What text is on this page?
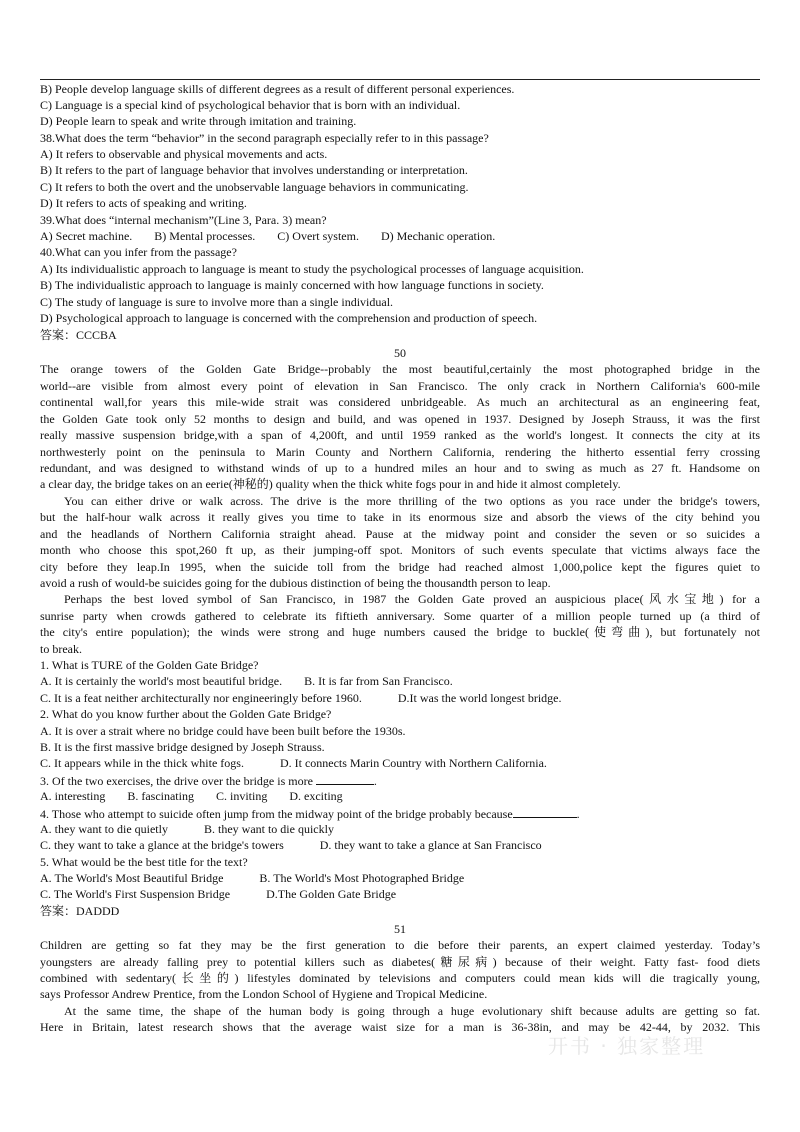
B) People develop language skills of different degrees as a result of different personal experiences.
C) Language is a special kind of psychological behavior that is born with an individual.
D) People learn to speak and write through imitation and training.
38.What does the term “behavior” in the second paragraph especially refer to in this passage?
A) It refers to observable and physical movements and acts.
B) It refers to the part of language behavior that involves understanding or interpretation.
C) It refers to both the overt and the unobservable language behaviors in communicating.
D) It refers to acts of speaking and writing.
39.What does “internal mechanism”(Line 3, Para. 3) mean?
A) Secret machine. B) Mental processes. C) Overt system. D) Mechanic operation.
40.What can you infer from the passage?
A) Its individualistic approach to language is meant to study the psychological processes of language acquisition.
B) The individualistic approach to language is mainly concerned with how language functions in society.
C) The study of language is sure to involve more than a single individual.
D) Psychological approach to language is concerned with the comprehension and production of speech.
答案：CCCBA
50
The orange towers of the Golden Gate Bridge--probably the most beautiful,certainly the most photographed bridge in the
world--are visible from almost every point of elevation in San Francisco. The only crack in Northern California's 600-mile
continental wall,for years this mile-wide strait was considered unbridgeable. As much an architectural as an engineering feat,
the Golden Gate took only 52 months to design and build, and was opened in 1937. Designed by Joseph Strauss, it was the first
really massive suspension bridge,with a span of 4,200ft, and until 1959 ranked as the world's longest. It connects the city at its
northwesterly point on the peninsula to Marin County and Northern California, rendering the hitherto essential ferry crossing
redundant, and was designed to withstand winds of up to a hundred miles an hour and to swing as much as 27 ft. Handsome on
a clear day, the bridge takes on an eerie(神秘的) quality when the thick white fogs pour in and hide it almost completely.
You can either drive or walk across. The drive is the more thrilling of the two options as you race under the bridge's towers,
but the half-hour walk across it really gives you time to take in its enormous size and absorb the views of the city behind you
and the headlands of Northern California straight ahead. Pause at the midway point and consider the seven or so suicides a
month who choose this spot,260 ft up, as their jumping-off spot. Monitors of such events speculate that victims always face the
city before they leap.In 1995, when the suicide toll from the bridge had reached almost 1,000,police kept the figures quiet to
avoid a rush of would-be suicides going for the dubious distinction of being the thousandth person to leap.
Perhaps the best loved symbol of San Francisco, in 1987 the Golden Gate proved an auspicious place(风水宝地) for a
sunrise party when crowds gathered to celebrate its fiftieth anniversary. Some quarter of a million people turned up (a third of
the city's entire population); the winds were strong and huge numbers caused the bridge to buckle(使弯曲), but fortunately not
to break.
1. What is TURE of the Golden Gate Bridge?
A. It is certainly the world's most beautiful bridge. B. It is far from San Francisco.
C. It is a feat neither architecturally nor engineeringly before 1960.	D.It was the world longest bridge.
2. What do you know further about the Golden Gate Bridge?
A. It is over a strait where no bridge could have been built before the 1930s.
B. It is the first massive bridge designed by Joseph Strauss.
C. It appears while in the thick white fogs.	D. It connects Marin Country with Northern California.
3. Of the two exercises, the drive over the bridge is more	.
A. interesting B. fascinating C. inviting D. exciting
4. Those who attempt to suicide often jump from the midway point of the bridge probably because	.
A. they want to die quietly	B. they want to die quickly
C. they want to take a glance at the bridge's towers	D. they want to take a glance at San Francisco
5. What would be the best title for the text?
A. The World's Most Beautiful Bridge	B. The World's Most Photographed Bridge
C. The World's First Suspension Bridge	D.The Golden Gate Bridge
答案：DADDD
51
Children are getting so fat they may be the first generation to die before their parents, an expert claimed yesterday. Today’s
youngsters are already falling prey to potential killers such as diabetes(糖尿病) because of their weight. Fatty fast- food diets
combined with sedentary(长坐的) lifestyles dominated by televisions and computers could mean kids will die tragically young,
says Professor Andrew Prentice, from the London School of Hygiene and Tropical Medicine.
At the same time, the shape of the human body is going through a huge evolutionary shift because adults are getting so fat.
Here in Britain, latest research shows that the average waist size for a man is 36-38in, and may be 42-44, by 2032. This
开书 · 独家整理
